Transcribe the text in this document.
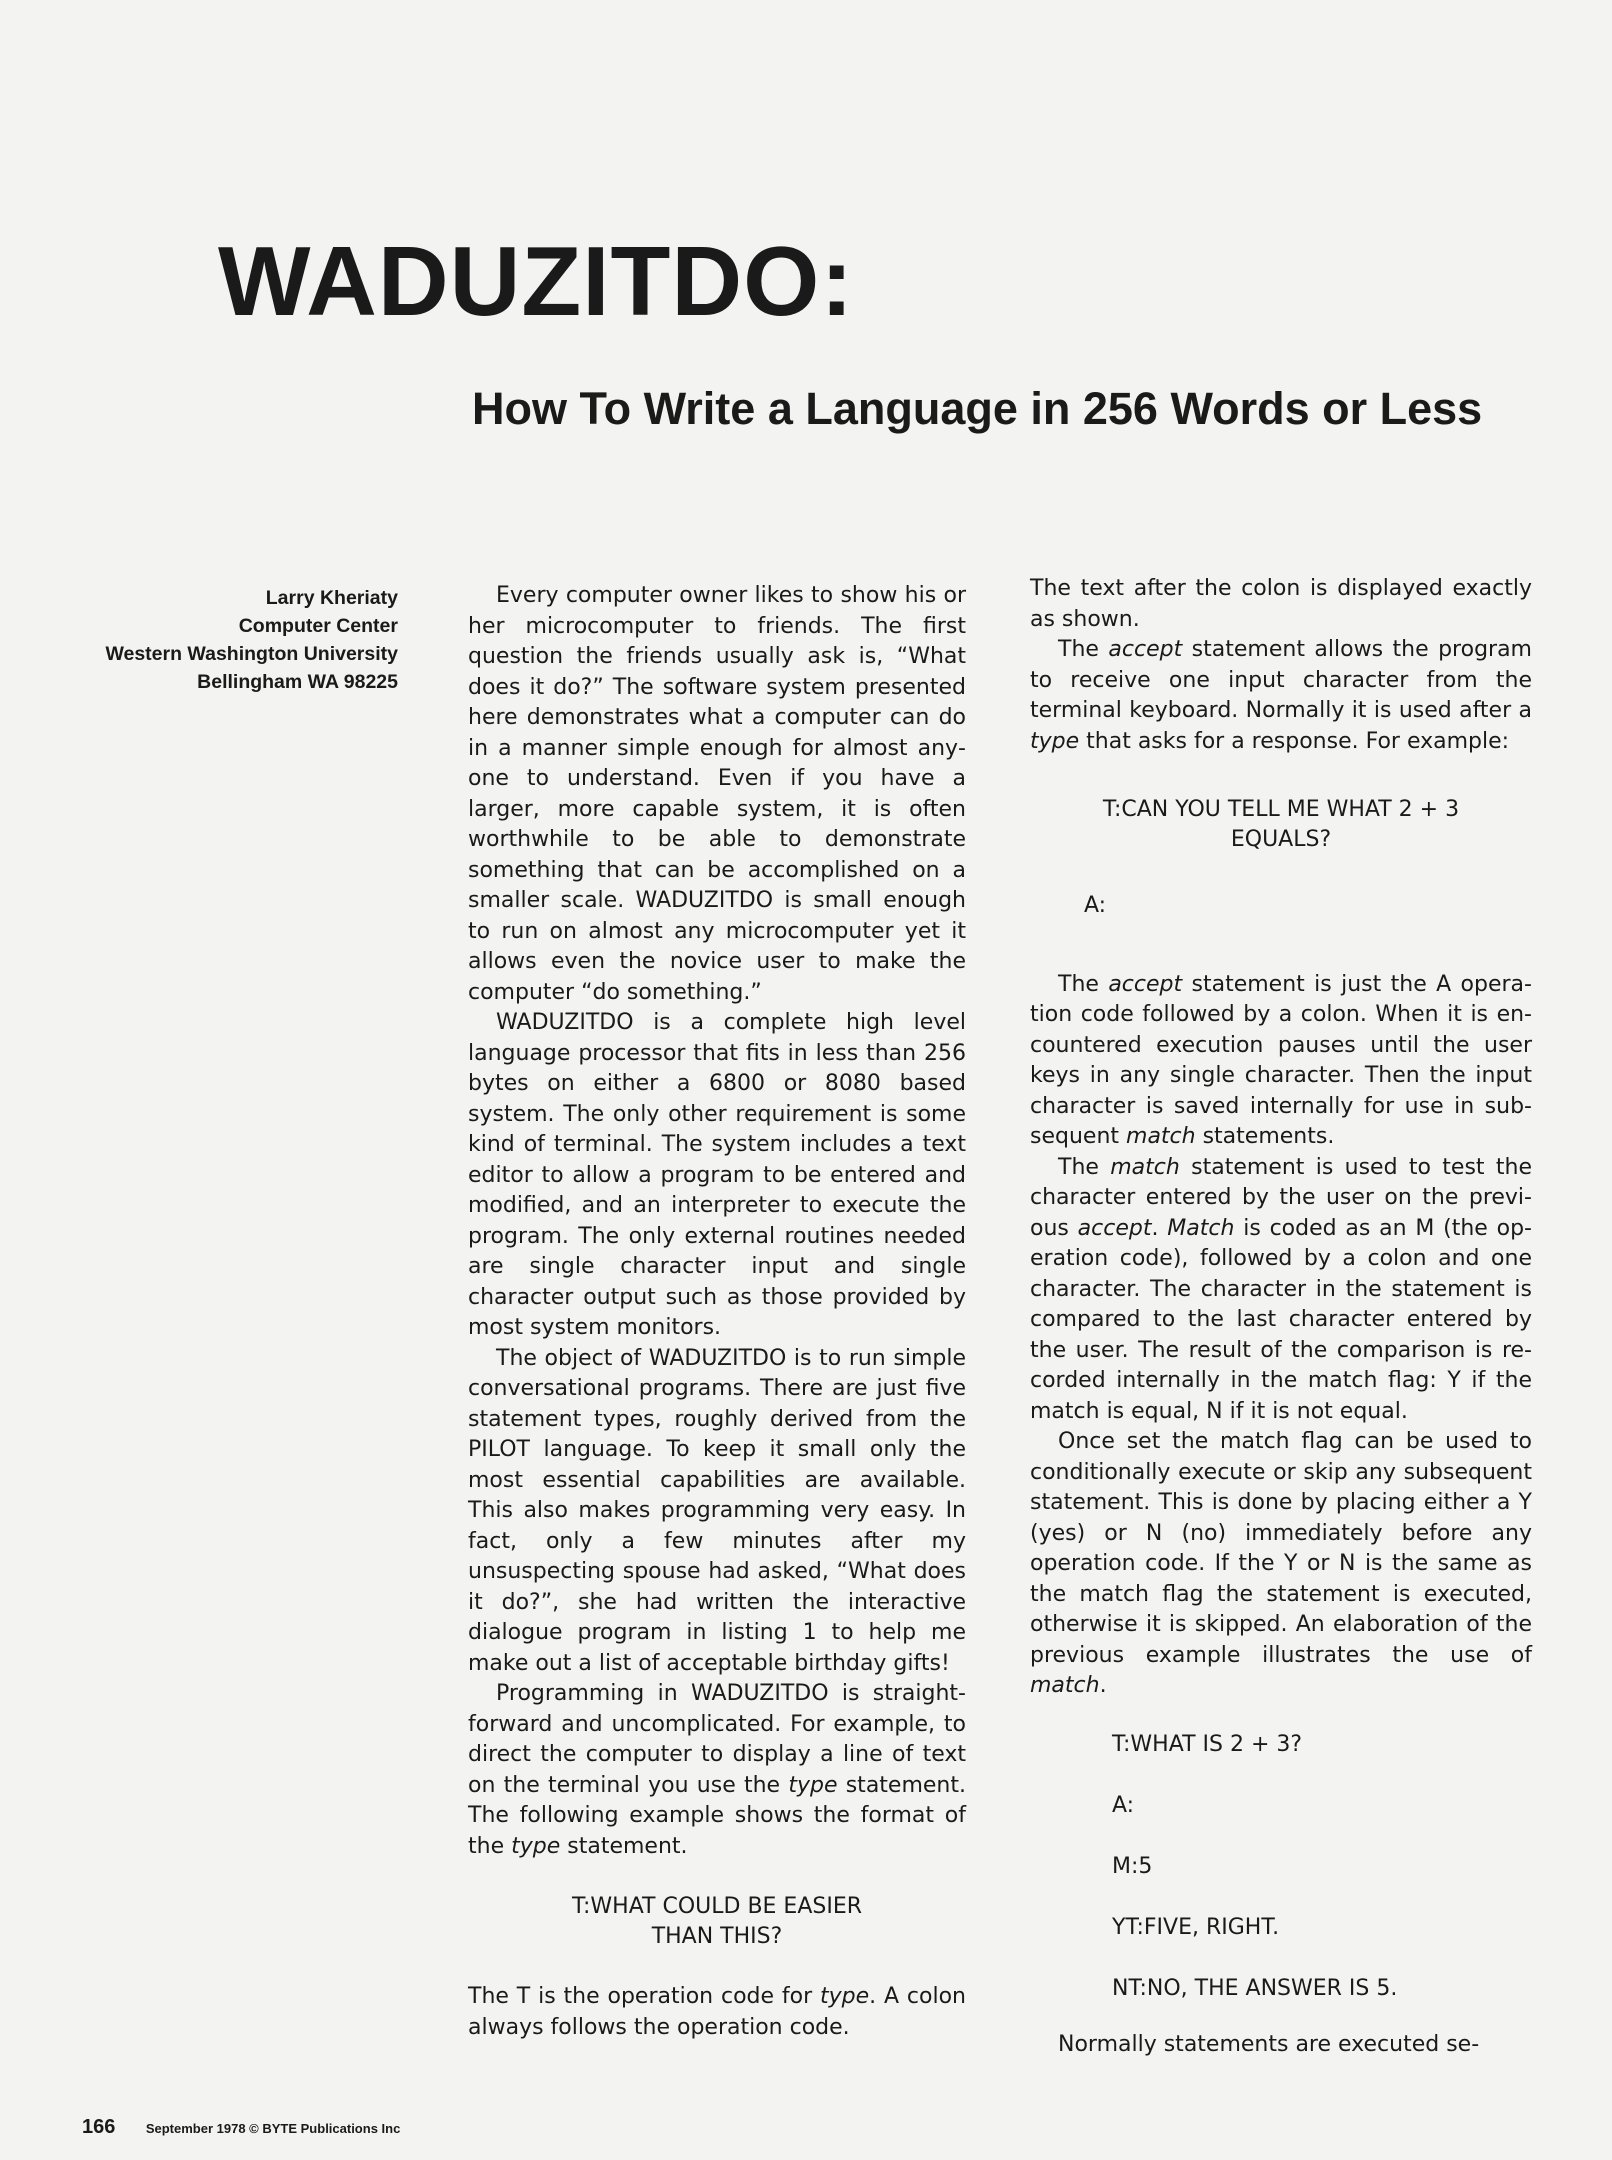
WADUZITDO:
How To Write a Language in 256 Words or Less
Larry Kheriaty
Computer Center
Western Washington University
Bellingham WA 98225

Every computer owner likes to show his or her microcomputer to friends. The first question the friends usually ask is, “What does it do?” The software system presented here demonstrates what a computer can do in a manner simple enough for almost anyone to understand. Even if you have a larger, more capable system, it is often worthwhile to be able to demonstrate something that can be accomplished on a smaller scale. WADUZITDO is small enough to run on almost any microcomputer yet it allows even the novice user to make the computer “do something.”

WADUZITDO is a complete high level language processor that fits in less than 256 bytes on either a 6800 or 8080 based system. The only other requirement is some kind of terminal. The system includes a text editor to allow a program to be entered and modified, and an interpreter to execute the program. The only external routines needed are single character input and single character output such as those provided by most system monitors.

The object of WADUZITDO is to run simple conversational programs. There are just five statement types, roughly derived from the PILOT language. To keep it small only the most essential capabilities are available. This also makes programming very easy. In fact, only a few minutes after my unsuspecting spouse had asked, “What does it do?”, she had written the interactive dialogue program in listing 1 to help me make out a list of acceptable birthday gifts!

Programming in WADUZITDO is straightforward and uncomplicated. For example, to direct the computer to display a line of text on the terminal you use the type statement. The following example shows the format of the type statement.

T:WHAT COULD BE EASIER
THAN THIS?

The T is the operation code for type. A colon always follows the operation code.

The text after the colon is displayed exactly as shown.

The accept statement allows the program to receive one input character from the terminal keyboard. Normally it is used after a type that asks for a response. For example:

T:CAN YOU TELL ME WHAT 2 + 3
EQUALS?
A:

The accept statement is just the A operation code followed by a colon. When it is encountered execution pauses until the user keys in any single character. Then the input character is saved internally for use in subsequent match statements.

The match statement is used to test the character entered by the user on the previous accept. Match is coded as an M (the operation code), followed by a colon and one character. The character in the statement is compared to the last character entered by the user. The result of the comparison is recorded internally in the match flag: Y if the match is equal, N if it is not equal.

Once set the match flag can be used to conditionally execute or skip any subsequent statement. This is done by placing either a Y (yes) or N (no) immediately before any operation code. If the Y or N is the same as the match flag the statement is executed, otherwise it is skipped. An elaboration of the previous example illustrates the use of match.

T:WHAT IS 2 + 3?
A:
M:5
YT:FIVE, RIGHT.
NT:NO, THE ANSWER IS 5.

Normally statements are executed se-

166 September 1978 © BYTE Publications Inc
